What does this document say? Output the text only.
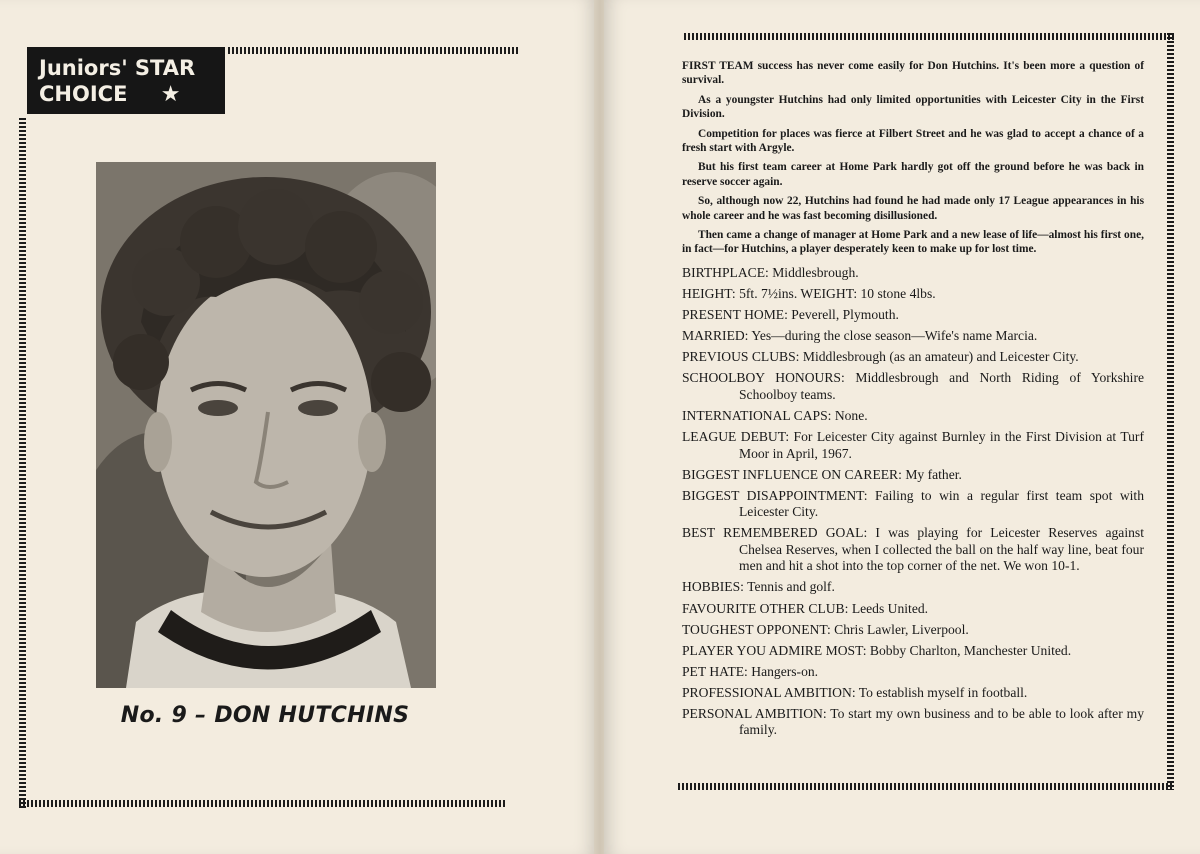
Juniors' STAR
CHOICE ★
No. 9 – DON HUTCHINS

FIRST TEAM success has never come easily for Don Hutchins. It's been more a question of survival.

As a youngster Hutchins had only limited opportunities with Leicester City in the First Division.

Competition for places was fierce at Filbert Street and he was glad to accept a chance of a fresh start with Argyle.

But his first team career at Home Park hardly got off the ground before he was back in reserve soccer again.

So, although now 22, Hutchins had found he had made only 17 League appearances in his whole career and he was fast becoming disillusioned.

Then came a change of manager at Home Park and a new lease of life—almost his first one, in fact—for Hutchins, a player desperately keen to make up for lost time.

BIRTHPLACE: Middlesbrough.
HEIGHT: 5ft. 7½ins. WEIGHT: 10 stone 4lbs.
PRESENT HOME: Peverell, Plymouth.
MARRIED: Yes—during the close season—Wife's name Marcia.
PREVIOUS CLUBS: Middlesbrough (as an amateur) and Leicester City.
SCHOOLBOY HONOURS: Middlesbrough and North Riding of Yorkshire Schoolboy teams.
INTERNATIONAL CAPS: None.
LEAGUE DEBUT: For Leicester City against Burnley in the First Division at Turf Moor in April, 1967.
BIGGEST INFLUENCE ON CAREER: My father.
BIGGEST DISAPPOINTMENT: Failing to win a regular first team spot with Leicester City.
BEST REMEMBERED GOAL: I was playing for Leicester Reserves against Chelsea Reserves, when I collected the ball on the half way line, beat four men and hit a shot into the top corner of the net. We won 10-1.
HOBBIES: Tennis and golf.
FAVOURITE OTHER CLUB: Leeds United.
TOUGHEST OPPONENT: Chris Lawler, Liverpool.
PLAYER YOU ADMIRE MOST: Bobby Charlton, Manchester United.
PET HATE: Hangers-on.
PROFESSIONAL AMBITION: To establish myself in football.
PERSONAL AMBITION: To start my own business and to be able to look after my family.
